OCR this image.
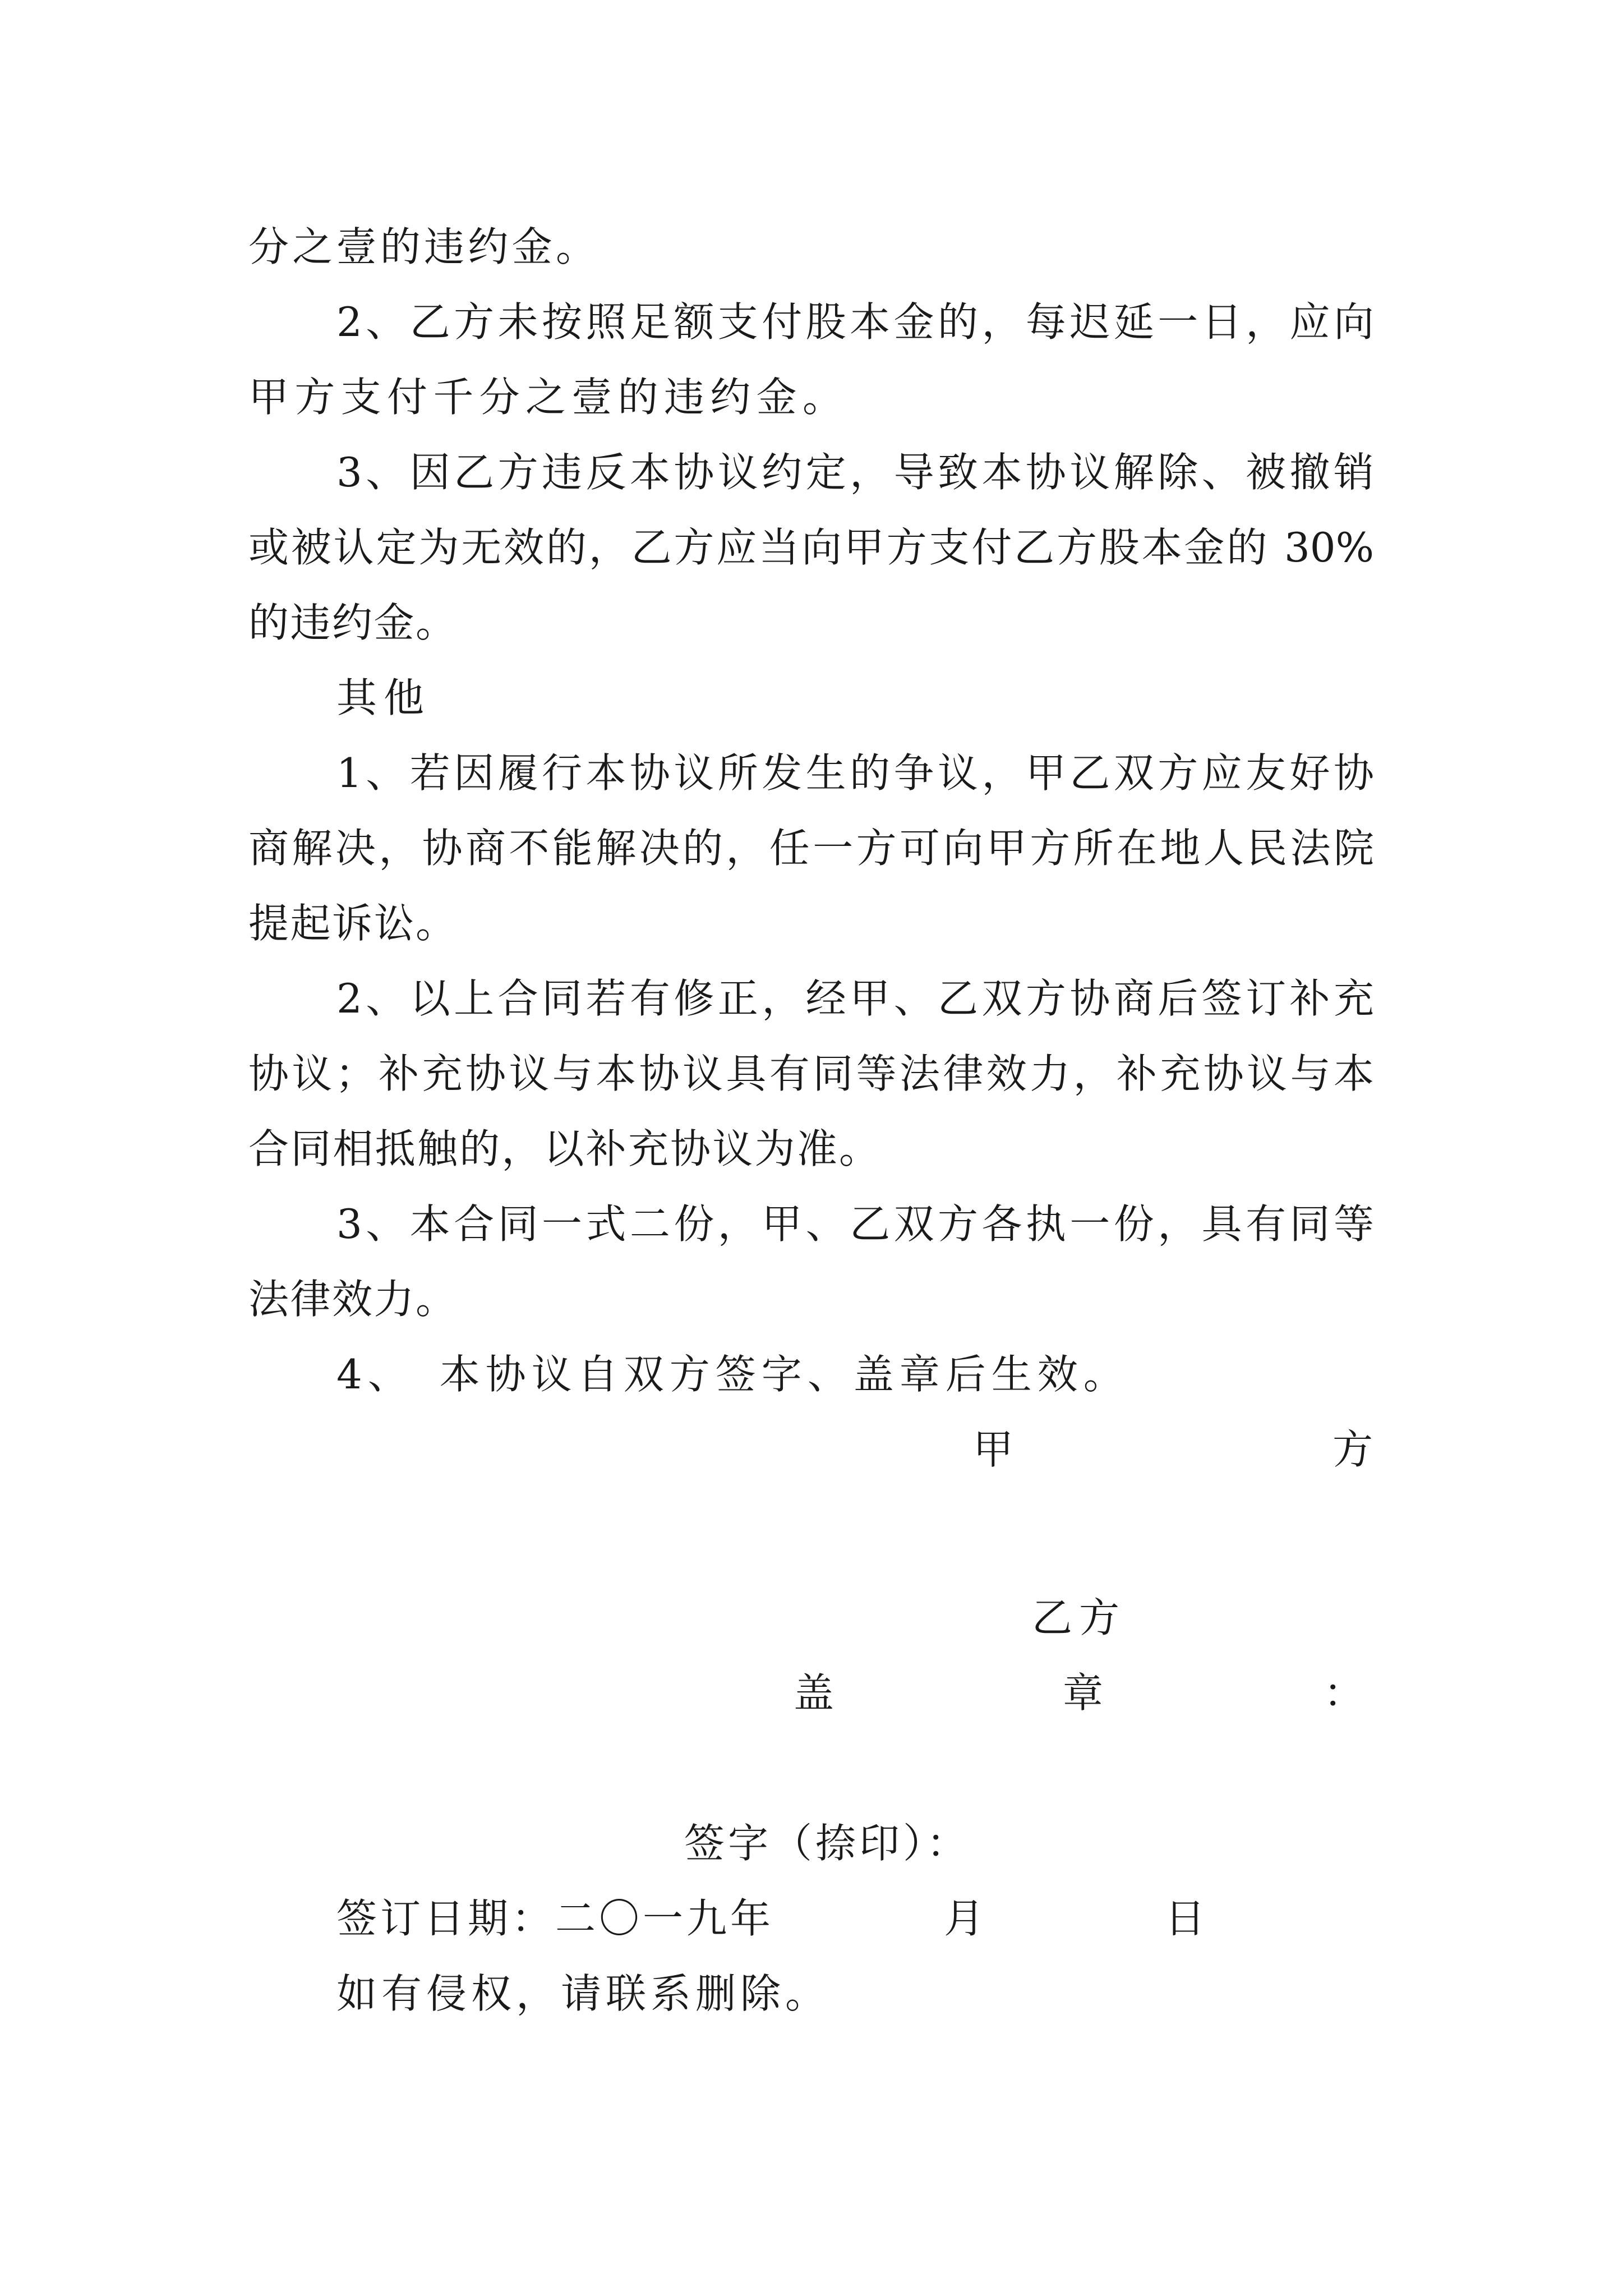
分之壹的违约金。
2、乙方未按照足额支付股本金的，每迟延一日，应向
甲方支付千分之壹的违约金。
3、因乙方违反本协议约定，导致本协议解除、被撤销
或被认定为无效的，乙方应当向甲方支付乙方股本金的 30%
的违约金。
其他
1、若因履行本协议所发生的争议，甲乙双方应友好协
商解决，协商不能解决的，任一方可向甲方所在地人民法院
提起诉讼。
2、以上合同若有修正，经甲、乙双方协商后签订补充
协议；补充协议与本协议具有同等法律效力，补充协议与本
合同相抵触的，以补充协议为准。
3、本合同一式二份，甲、乙双方各执一份，具有同等
法律效力。
4、　本协议自双方签字、盖章后生效。
甲	方
乙方
盖	章	：
签字（捺印）：
签订日期：二〇一九年	月	日
如有侵权，请联系删除。
